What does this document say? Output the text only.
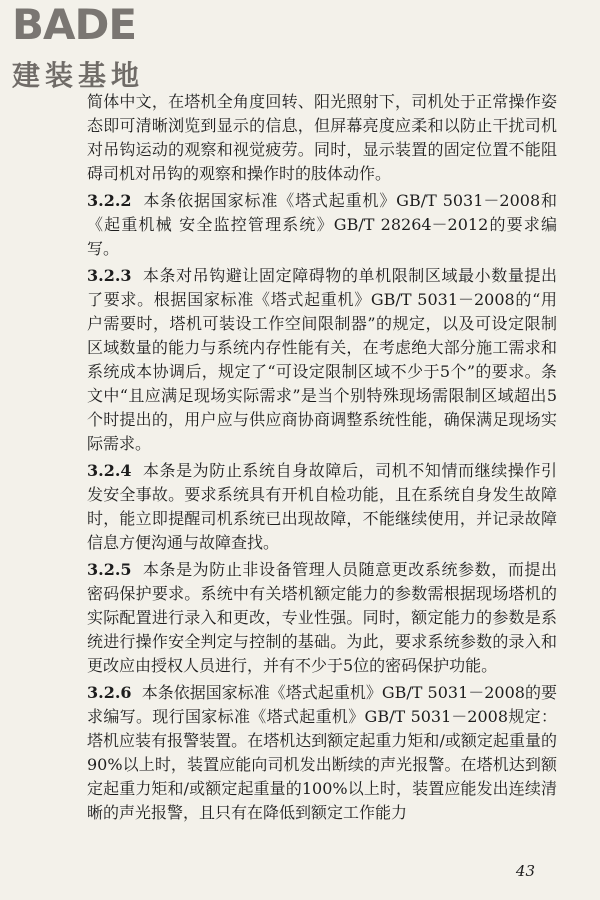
BADE
建装基地

简体中文，在塔机全角度回转、阳光照射下，司机处于正常操作姿态即可清晰浏览到显示的信息，但屏幕亮度应柔和以防止干扰司机对吊钩运动的观察和视觉疲劳。同时，显示装置的固定位置不能阻碍司机对吊钩的观察和操作时的肢体动作。

3.2.2 本条依据国家标准《塔式起重机》GB/T 5031－2008和《起重机械 安全监控管理系统》GB/T 28264－2012的要求编写。

3.2.3 本条对吊钩避让固定障碍物的单机限制区域最小数量提出了要求。根据国家标准《塔式起重机》GB/T 5031－2008的“用户需要时，塔机可装设工作空间限制器”的规定，以及可设定限制区域数量的能力与系统内存性能有关，在考虑绝大部分施工需求和系统成本协调后，规定了“可设定限制区域不少于5个”的要求。条文中“且应满足现场实际需求”是当个别特殊现场需限制区域超出5个时提出的，用户应与供应商协商调整系统性能，确保满足现场实际需求。

3.2.4 本条是为防止系统自身故障后，司机不知情而继续操作引发安全事故。要求系统具有开机自检功能，且在系统自身发生故障时，能立即提醒司机系统已出现故障，不能继续使用，并记录故障信息方便沟通与故障查找。

3.2.5 本条是为防止非设备管理人员随意更改系统参数，而提出密码保护要求。系统中有关塔机额定能力的参数需根据现场塔机的实际配置进行录入和更改，专业性强。同时，额定能力的参数是系统进行操作安全判定与控制的基础。为此，要求系统参数的录入和更改应由授权人员进行，并有不少于5位的密码保护功能。

3.2.6 本条依据国家标准《塔式起重机》GB/T 5031－2008的要求编写。现行国家标准《塔式起重机》GB/T 5031－2008规定：塔机应装有报警装置。在塔机达到额定起重力矩和/或额定起重量的90%以上时，装置应能向司机发出断续的声光报警。在塔机达到额定起重力矩和/或额定起重量的100%以上时，装置应能发出连续清晰的声光报警，且只有在降低到额定工作能力

43
